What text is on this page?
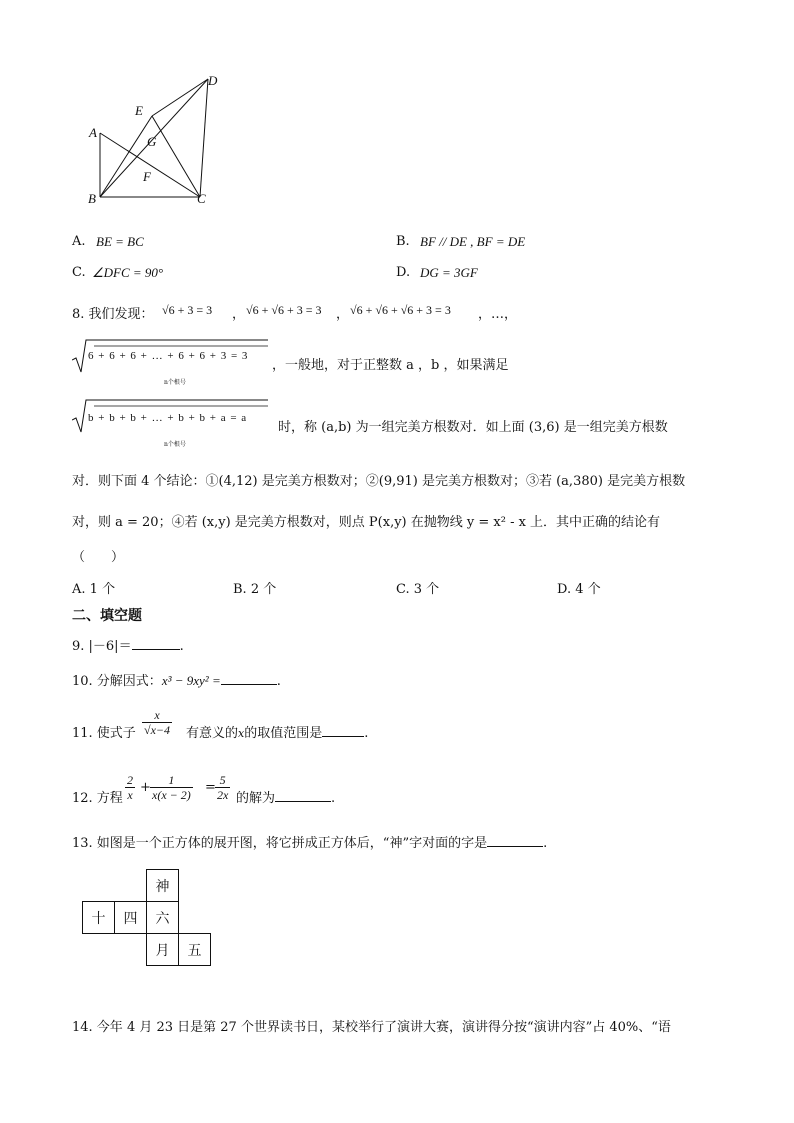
D
E
A
G
F
B	C
A. BE = BC	B. BF // DE , BF = DE
C. ∠DFC = 90°	D. DG = 3GF
8. 我们发现： √6 + 3 = 3 ， √6 + √6 + 3 = 3 ， √6 + √6 + √6 + 3 = 3 ，…，
6 + 6 + 6 + … + 6 + 6 + 3 = 3
n个根号
，一般地，对于正整数 a ，b ，如果满足
b + b + b + … + b + b + a = a
n个根号
时，称 (a,b) 为一组完美方根数对．如上面 (3,6) 是一组完美方根数
对．则下面 4 个结论：①(4,12) 是完美方根数对；②(9,91) 是完美方根数对；③若 (a,380) 是完美方根数
对，则 a = 20；④若 (x,y) 是完美方根数对，则点 P(x,y) 在抛物线 y = x² - x 上．其中正确的结论有
（　　）
A. 1 个	B. 2 个	C. 3 个	D. 4 个
二、填空题
9. |－6|＝	.
10. 分解因式：x³ − 9xy² =	.
11. 使式子 $\frac{x}{√x-4}$ 有意义的x的取值范围是	.
12. 方程 $\frac{2}{x} + \frac{1}{x(x - 2)} = \frac{5}{2x}$ 的解为	.
13. 如图是一个正方体的展开图，将它拼成正方体后，“神”字对面的字是	.
		神	
十	四	六	
		月	五
14. 今年 4 月 23 日是第 27 个世界读书日，某校举行了演讲大赛，演讲得分按“演讲内容”占 40%、“语
